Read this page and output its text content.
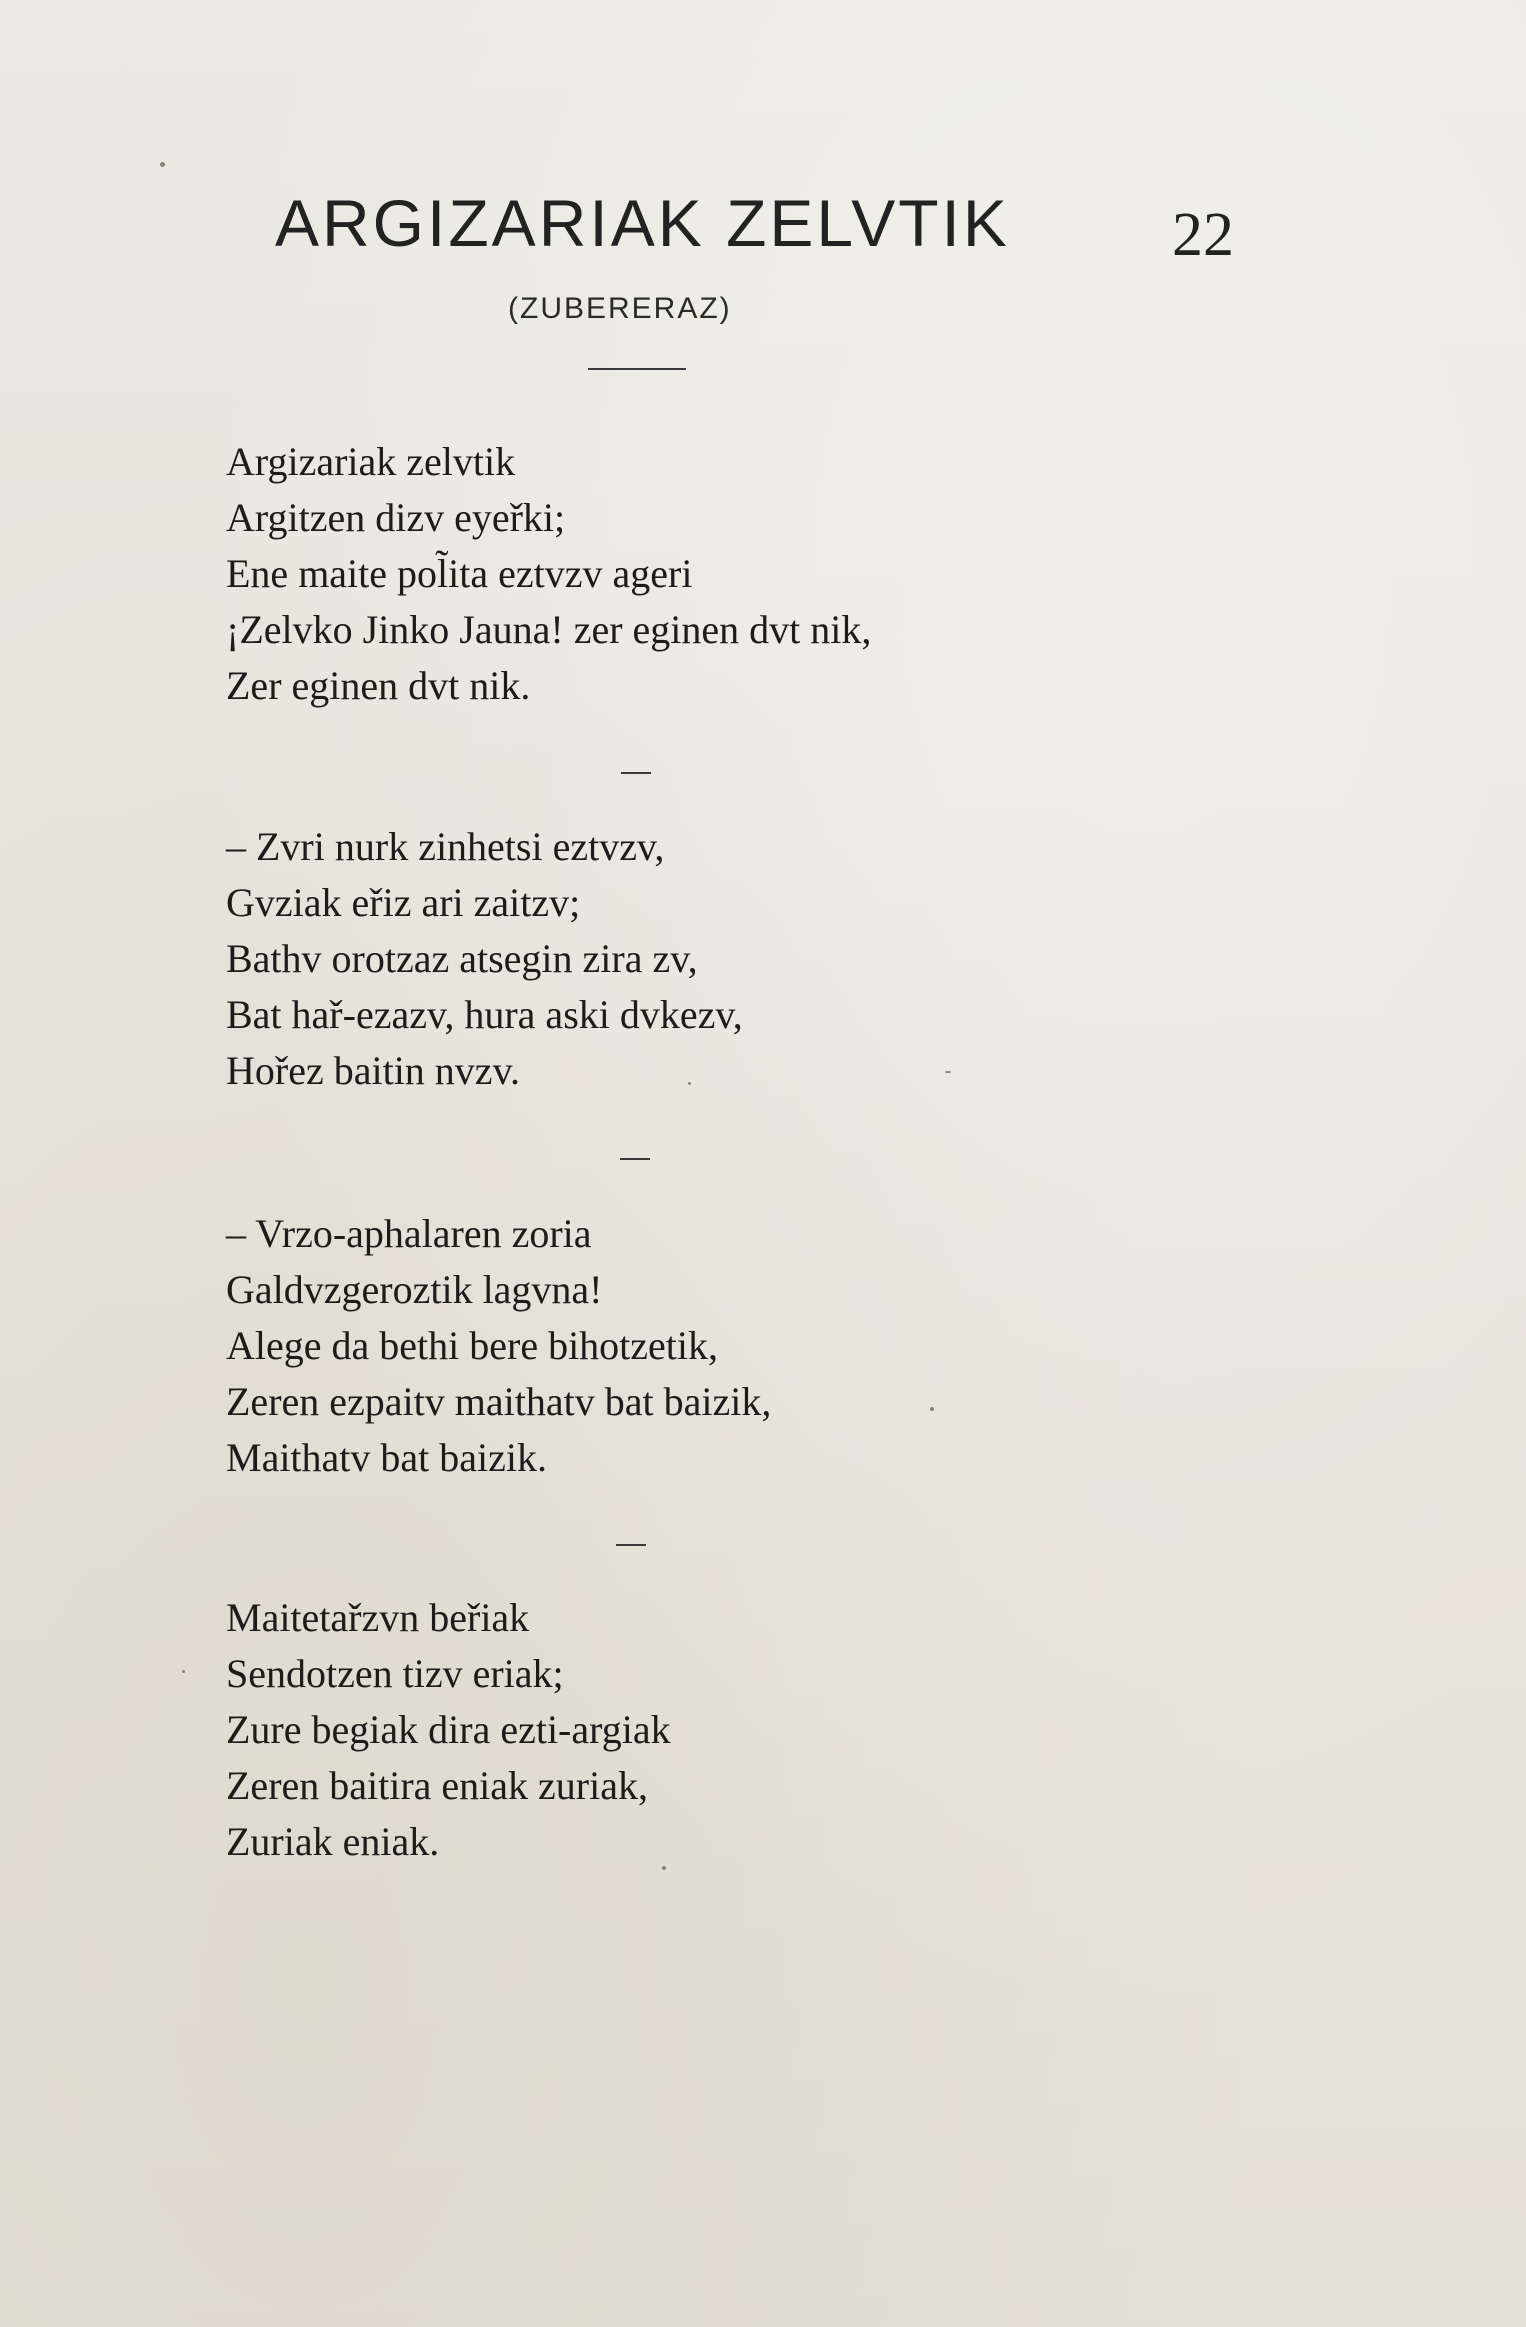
ARGIZARIAK ZELVTIK	22
(ZUBERERAZ)
Argizariak zelvtik
Argitzen dizv eyeřki;
Ene maite pol̃ita eztvzv ageri
¡Zelvko Jinko Jauna! zer eginen dvt nik,
Zer eginen dvt nik.
– Zvri nurk zinhetsi eztvzv,
Gvziak eřiz ari zaitzv;
Bathv orotzaz atsegin zira zv,
Bat hař-ezazv, hura aski dvkezv,
Hořez baitin nvzv.
– Vrzo-aphalaren zoria
Galdvzgeroztik lagvna!
Alege da bethi bere bihotzetik,
Zeren ezpaitv maithatv bat baizik,
Maithatv bat baizik.
Maitetařzvn beřiak
Sendotzen tizv eriak;
Zure begiak dira ezti-argiak
Zeren baitira eniak zuriak,
Zuriak eniak.
